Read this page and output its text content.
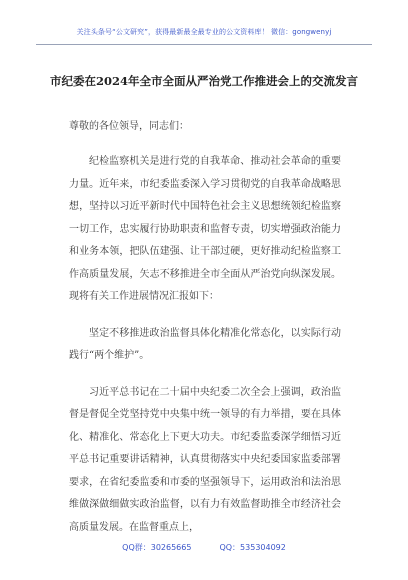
关注头条号“公文研究”，获得最新最全最专业的公文资料库！ 微信：gongwenyj
市纪委在2024年全市全面从严治党工作推进会上的交流发言

尊敬的各位领导，同志们：

纪检监察机关是进行党的自我革命、推动社会革命的重要力量。近年来，市纪委监委深入学习贯彻党的自我革命战略思想，坚持以习近平新时代中国特色社会主义思想统领纪检监察一切工作，忠实履行协助职责和监督专责，切实增强政治能力和业务本领，把队伍建强、让干部过硬，更好推动纪检监察工作高质量发展，矢志不移推进全市全面从严治党向纵深发展。现将有关工作进展情况汇报如下：

坚定不移推进政治监督具体化精准化常态化，以实际行动践行“两个维护”。

习近平总书记在二十届中央纪委二次全会上强调，政治监督是督促全党坚持党中央集中统一领导的有力举措，要在具体化、精准化、常态化上下更大功夫。市纪委监委深学细悟习近平总书记重要讲话精神，认真贯彻落实中央纪委国家监委部署要求，在省纪委监委和市委的坚强领导下，运用政治和法治思维做深做细做实政治监督，以有力有效监督助推全市经济社会高质量发展。在监督重点上，

QQ群：30265665	QQ：535304092
